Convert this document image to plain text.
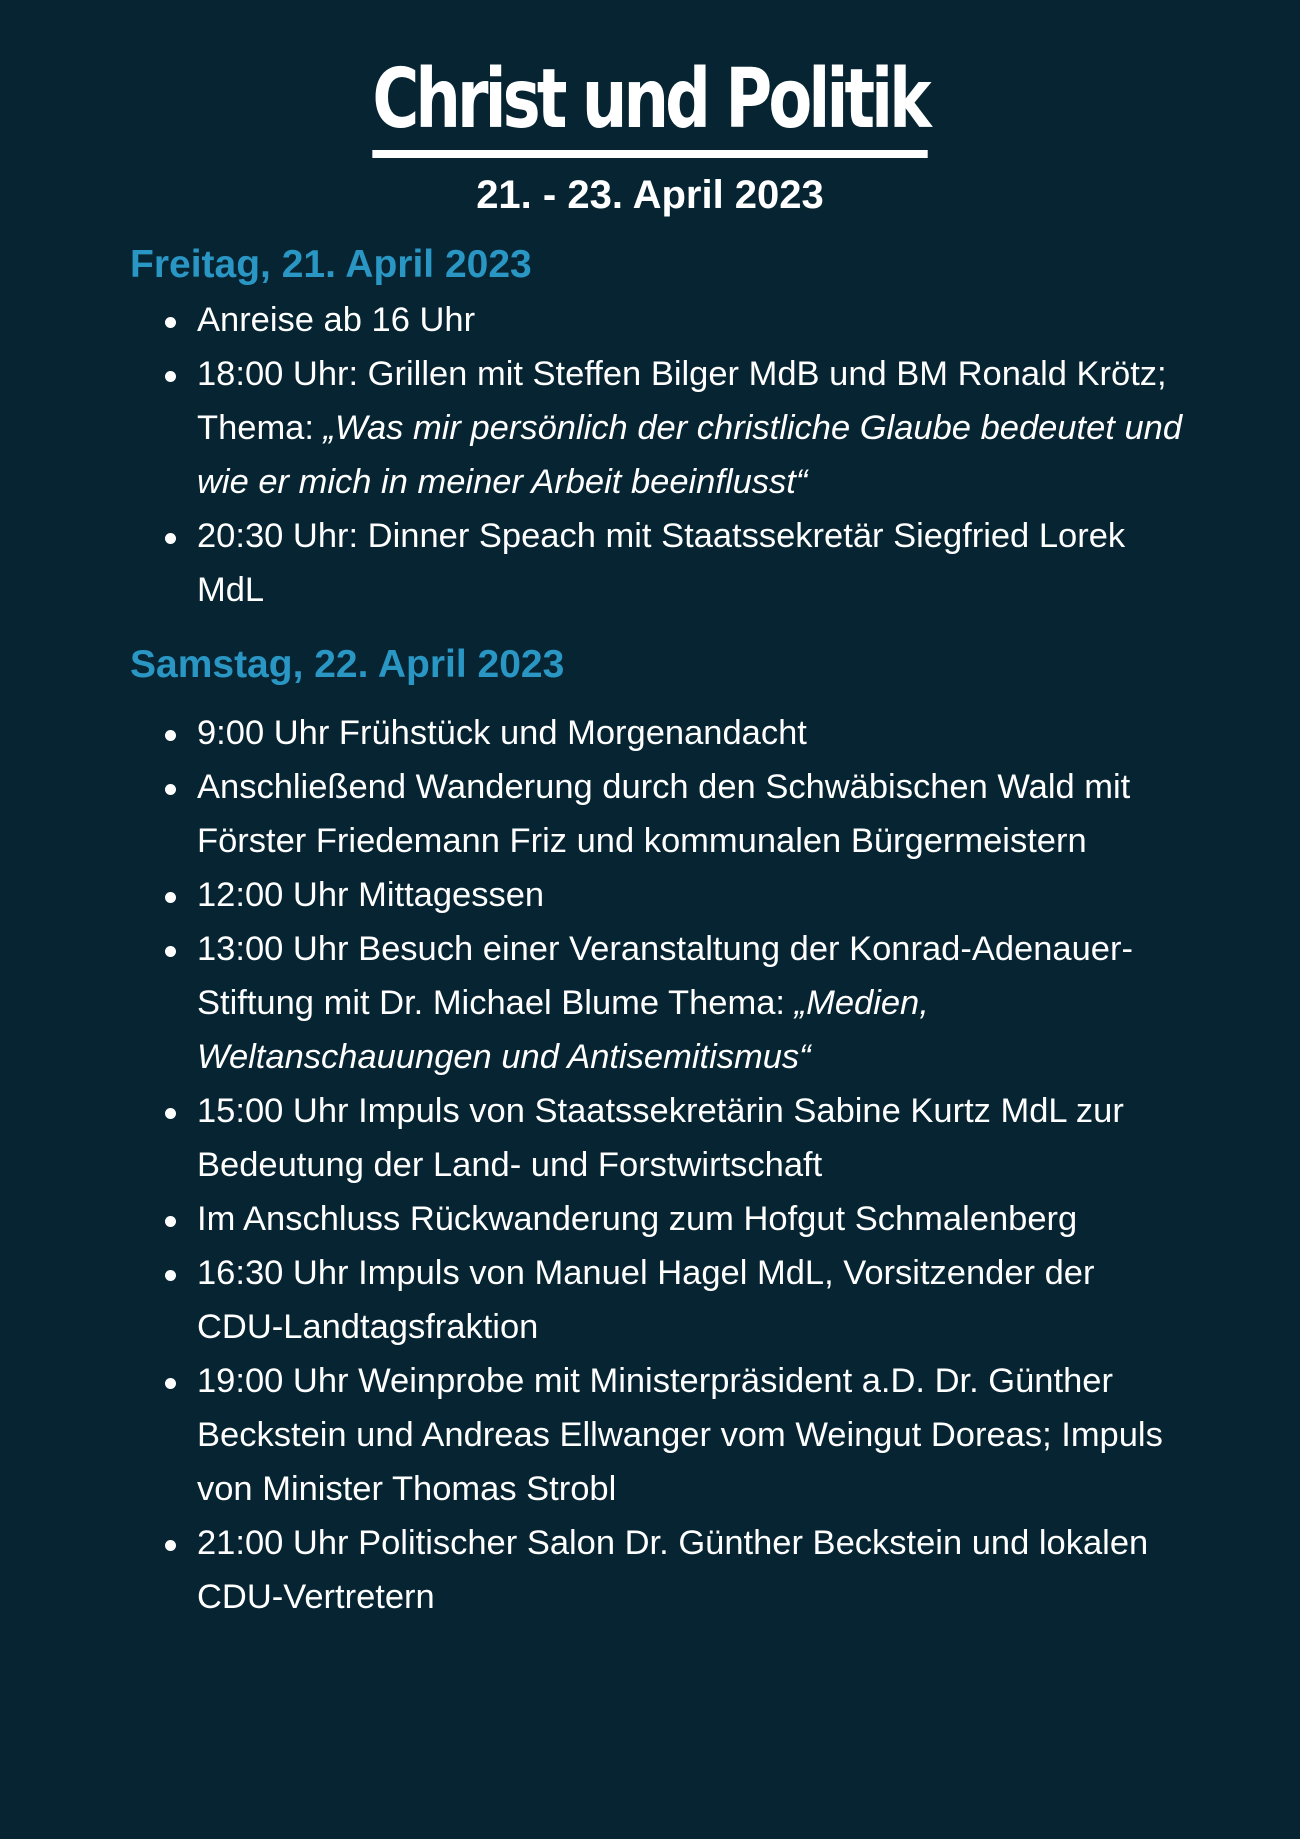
Christ und Politik
21. - 23. April 2023
Freitag, 21. April 2023
Anreise ab 16 Uhr
18:00 Uhr: Grillen mit Steffen Bilger MdB und BM Ronald Krötz; Thema: „Was mir persönlich der christliche Glaube bedeutet und wie er mich in meiner Arbeit beeinflusst“
20:30 Uhr: Dinner Speach mit Staatssekretär Siegfried Lorek MdL
Samstag, 22. April 2023
9:00 Uhr Frühstück und Morgenandacht
Anschließend Wanderung durch den Schwäbischen Wald mit Förster Friedemann Friz und kommunalen Bürgermeistern
12:00 Uhr Mittagessen
13:00 Uhr Besuch einer Veranstaltung der Konrad-Adenauer-Stiftung mit Dr. Michael Blume Thema: „Medien, Weltanschauungen und Antisemitismus“
15:00 Uhr Impuls von Staatssekretärin Sabine Kurtz MdL zur Bedeutung der Land- und Forstwirtschaft
Im Anschluss Rückwanderung zum Hofgut Schmalenberg
16:30 Uhr Impuls von Manuel Hagel MdL, Vorsitzender der CDU-Landtagsfraktion
19:00 Uhr Weinprobe mit Ministerpräsident a.D. Dr. Günther Beckstein und Andreas Ellwanger vom Weingut Doreas; Impuls von Minister Thomas Strobl
21:00 Uhr Politischer Salon Dr. Günther Beckstein und lokalen CDU-Vertretern
